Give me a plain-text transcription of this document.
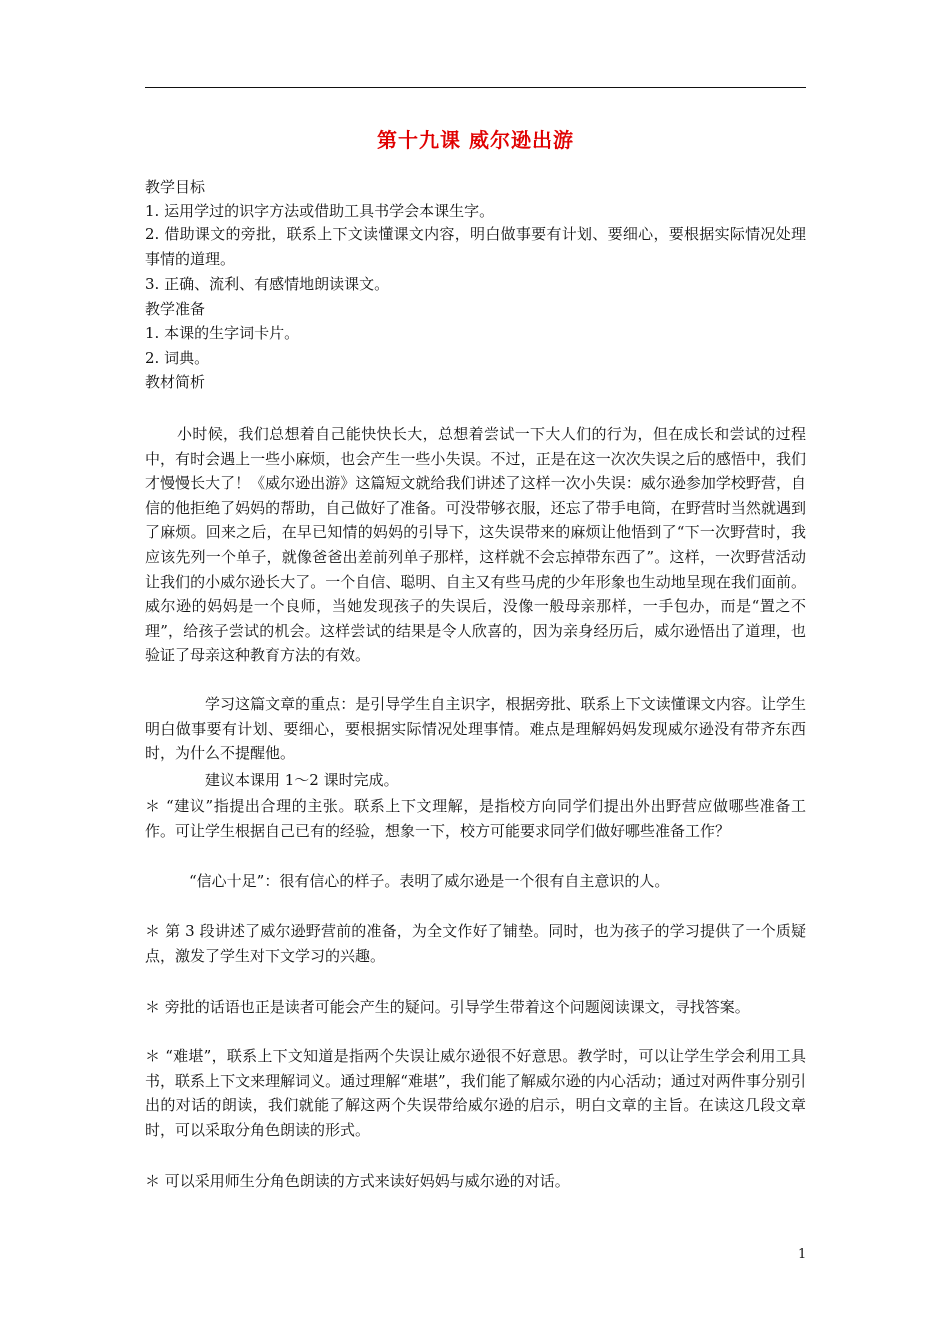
第十九课 威尔逊出游
教学目标
1. 运用学过的识字方法或借助工具书学会本课生字。
2. 借助课文的旁批，联系上下文读懂课文内容，明白做事要有计划、要细心，要根据实际情况处理事情的道理。
3. 正确、流利、有感情地朗读课文。
教学准备
1. 本课的生字词卡片。
2. 词典。
教材简析
小时候，我们总想着自己能快快长大，总想着尝试一下大人们的行为，但在成长和尝试的过程中，有时会遇上一些小麻烦，也会产生一些小失误。不过，正是在这一次次失误之后的感悟中，我们才慢慢长大了！《威尔逊出游》这篇短文就给我们讲述了这样一次小失误：威尔逊参加学校野营，自信的他拒绝了妈妈的帮助，自己做好了准备。可没带够衣服，还忘了带手电筒，在野营时当然就遇到了麻烦。回来之后，在早已知情的妈妈的引导下，这失误带来的麻烦让他悟到了“下一次野营时，我应该先列一个单子，就像爸爸出差前列单子那样，这样就不会忘掉带东西了”。这样，一次野营活动让我们的小威尔逊长大了。一个自信、聪明、自主又有些马虎的少年形象也生动地呈现在我们面前。威尔逊的妈妈是一个良师，当她发现孩子的失误后，没像一般母亲那样，一手包办，而是“置之不理”，给孩子尝试的机会。这样尝试的结果是令人欣喜的，因为亲身经历后，威尔逊悟出了道理，也验证了母亲这种教育方法的有效。
学习这篇文章的重点：是引导学生自主识字，根据旁批、联系上下文读懂课文内容。让学生明白做事要有计划、要细心，要根据实际情况处理事情。难点是理解妈妈发现威尔逊没有带齐东西时，为什么不提醒他。
建议本课用 1～2 课时完成。
＊ “建议”指提出合理的主张。联系上下文理解，是指校方向同学们提出外出野营应做哪些准备工作。可让学生根据自己已有的经验，想象一下，校方可能要求同学们做好哪些准备工作？
“信心十足”：很有信心的样子。表明了威尔逊是一个很有自主意识的人。
＊ 第 3 段讲述了威尔逊野营前的准备，为全文作好了铺垫。同时，也为孩子的学习提供了一个质疑点，激发了学生对下文学习的兴趣。
＊ 旁批的话语也正是读者可能会产生的疑问。引导学生带着这个问题阅读课文，寻找答案。
＊ “难堪”，联系上下文知道是指两个失误让威尔逊很不好意思。教学时，可以让学生学会利用工具书，联系上下文来理解词义。通过理解“难堪”，我们能了解威尔逊的内心活动；通过对两件事分别引出的对话的朗读，我们就能了解这两个失误带给威尔逊的启示，明白文章的主旨。在读这几段文章时，可以采取分角色朗读的形式。
＊ 可以采用师生分角色朗读的方式来读好妈妈与威尔逊的对话。
1
